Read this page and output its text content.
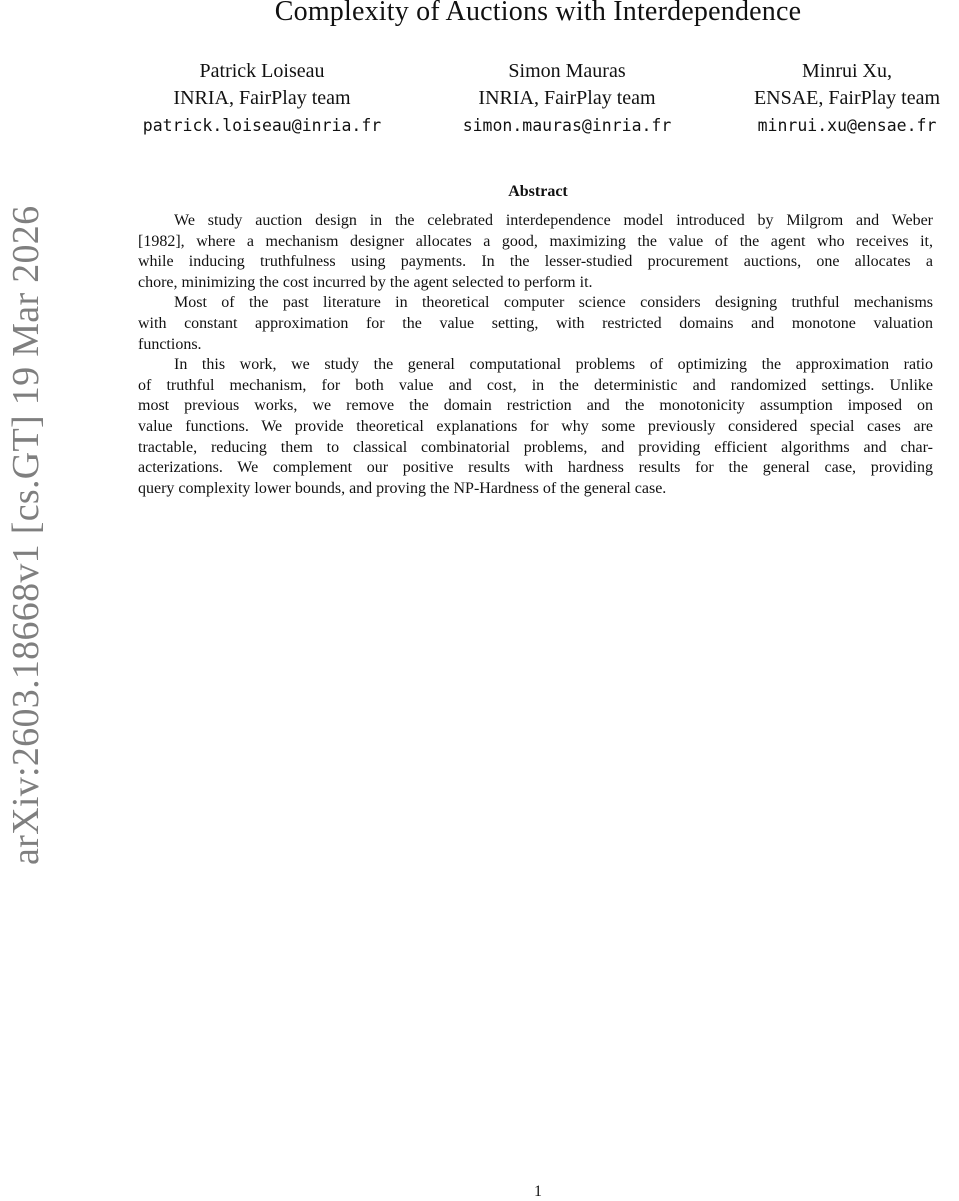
arXiv:2603.18668v1 [cs.GT] 19 Mar 2026
Complexity of Auctions with Interdependence
Patrick Loiseau
INRIA, FairPlay team
patrick.loiseau@inria.fr
Simon Mauras
INRIA, FairPlay team
simon.mauras@inria.fr
Minrui Xu,
ENSAE, FairPlay team
minrui.xu@ensae.fr
Abstract
We study auction design in the celebrated interdependence model introduced by Milgrom and Weber
[1982], where a mechanism designer allocates a good, maximizing the value of the agent who receives it,
while inducing truthfulness using payments. In the lesser-studied procurement auctions, one allocates a
chore, minimizing the cost incurred by the agent selected to perform it.
Most of the past literature in theoretical computer science considers designing truthful mechanisms
with constant approximation for the value setting, with restricted domains and monotone valuation
functions.
In this work, we study the general computational problems of optimizing the approximation ratio
of truthful mechanism, for both value and cost, in the deterministic and randomized settings. Unlike
most previous works, we remove the domain restriction and the monotonicity assumption imposed on
value functions. We provide theoretical explanations for why some previously considered special cases are
tractable, reducing them to classical combinatorial problems, and providing efficient algorithms and char-
acterizations. We complement our positive results with hardness results for the general case, providing
query complexity lower bounds, and proving the NP-Hardness of the general case.
1
